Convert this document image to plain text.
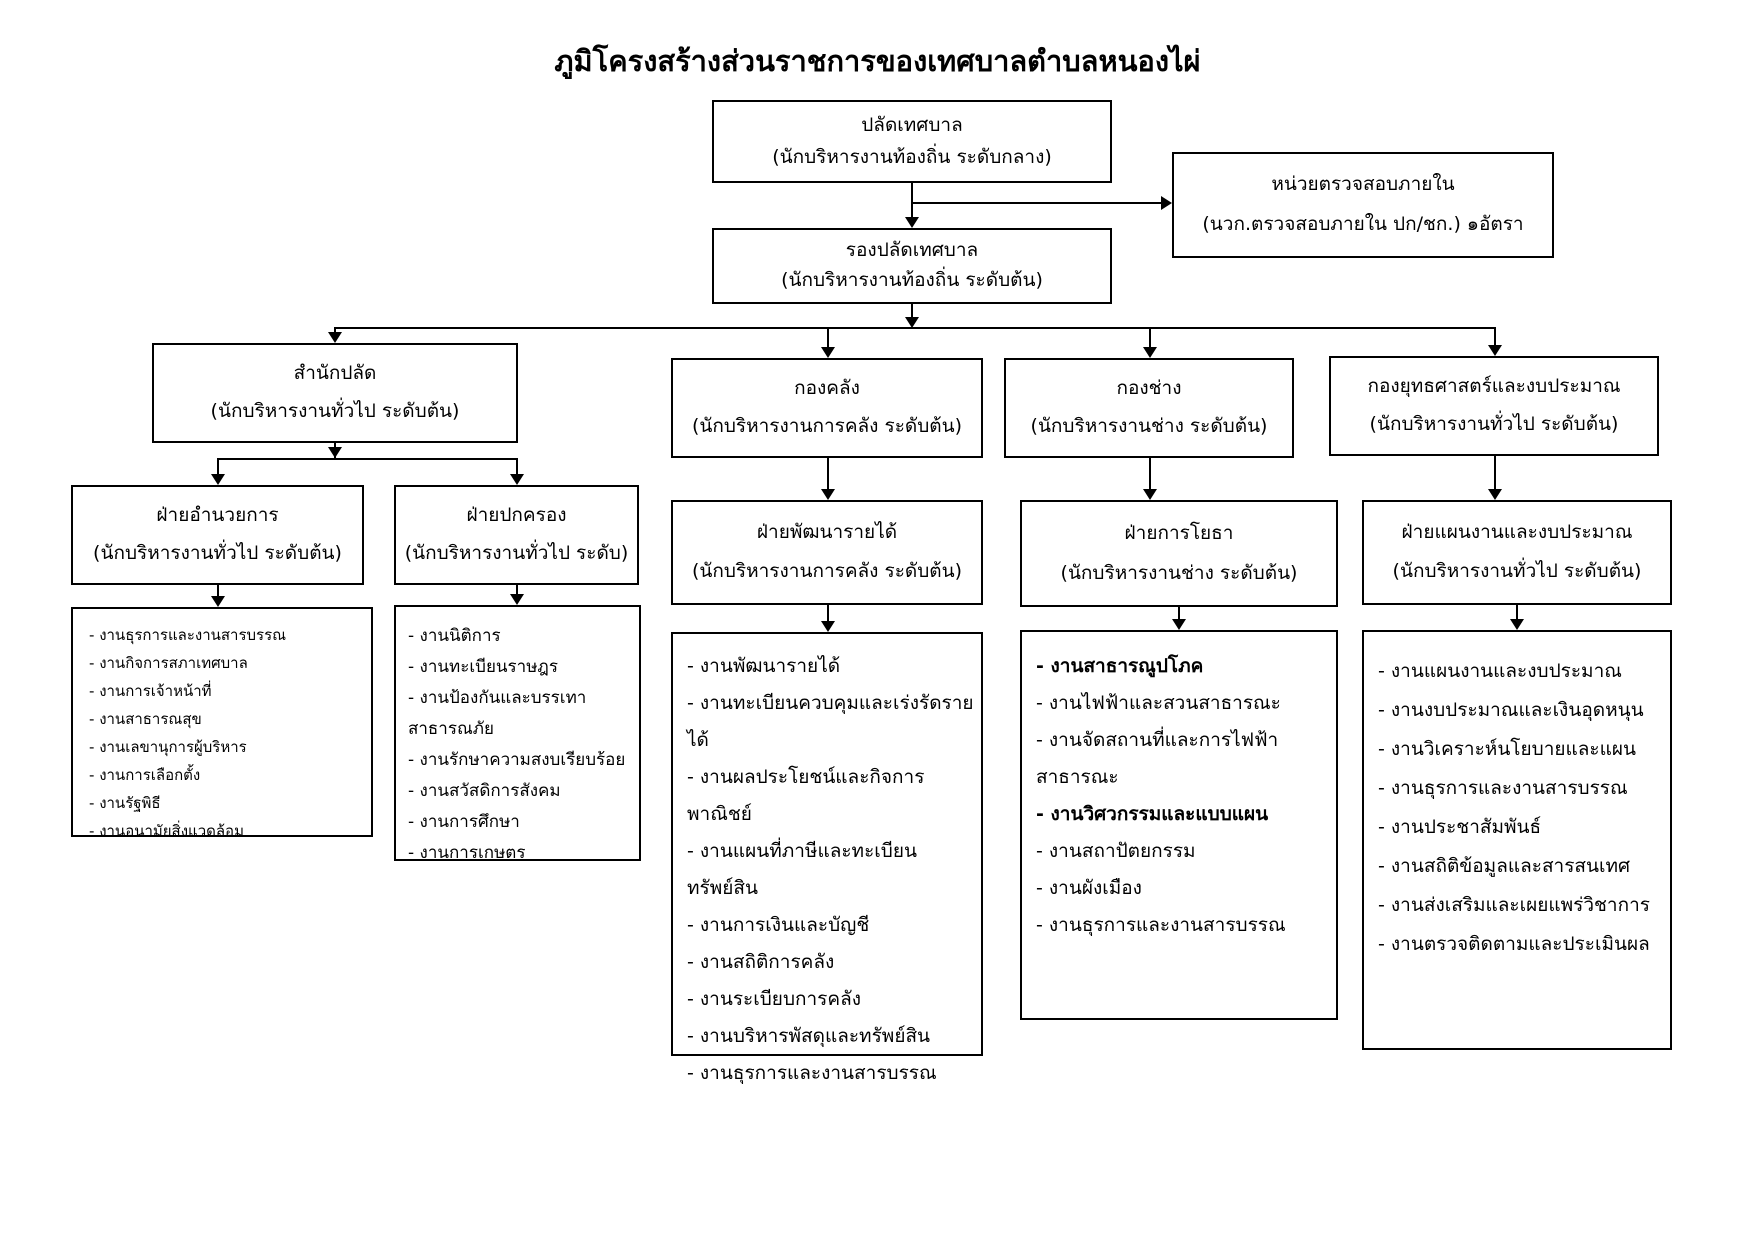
ภูมิโครงสร้างส่วนราชการของเทศบาลตำบลหนองไผ่
ปลัดเทศบาล
(นักบริหารงานท้องถิ่น ระดับกลาง)
หน่วยตรวจสอบภายใน
(นวก.ตรวจสอบภายใน ปก/ชก.) ๑อัตรา
รองปลัดเทศบาล
(นักบริหารงานท้องถิ่น ระดับต้น)
สำนักปลัด
(นักบริหารงานทั่วไป ระดับต้น)
กองคลัง
(นักบริหารงานการคลัง ระดับต้น)
กองช่าง
(นักบริหารงานช่าง ระดับต้น)
กองยุทธศาสตร์และงบประมาณ
(นักบริหารงานทั่วไป ระดับต้น)
ฝ่ายอำนวยการ
(นักบริหารงานทั่วไป ระดับต้น)
ฝ่ายปกครอง
(นักบริหารงานทั่วไป ระดับ)
ฝ่ายพัฒนารายได้
(นักบริหารงานการคลัง ระดับต้น)
ฝ่ายการโยธา
(นักบริหารงานช่าง ระดับต้น)
ฝ่ายแผนงานและงบประมาณ
(นักบริหารงานทั่วไป ระดับต้น)
- งานธุรการและงานสารบรรณ
- งานกิจการสภาเทศบาล
- งานการเจ้าหน้าที่
- งานสาธารณสุข
- งานเลขานุการผู้บริหาร
- งานการเลือกตั้ง
- งานรัฐพิธี
- งานอนามัยสิ่งแวดล้อม
- งานนิติการ
- งานทะเบียนราษฎร
- งานป้องกันและบรรเทาสาธารณภัย
- งานรักษาความสงบเรียบร้อย
- งานสวัสดิการสังคม
- งานการศึกษา
- งานการเกษตร
- งานพัฒนารายได้
- งานทะเบียนควบคุมและเร่งรัดรายได้
- งานผลประโยชน์และกิจการพาณิชย์
- งานแผนที่ภาษีและทะเบียนทรัพย์สิน
- งานการเงินและบัญชี
- งานสถิติการคลัง
- งานระเบียบการคลัง
- งานบริหารพัสดุและทรัพย์สิน
- งานธุรการและงานสารบรรณ
- งานสาธารณูปโภค
- งานไฟฟ้าและสวนสาธารณะ
- งานจัดสถานที่และการไฟฟ้าสาธารณะ
- งานวิศวกรรมและแบบแผน
- งานสถาปัตยกรรม
- งานผังเมือง
- งานธุรการและงานสารบรรณ
- งานแผนงานและงบประมาณ
- งานงบประมาณและเงินอุดหนุน
- งานวิเคราะห์นโยบายและแผน
- งานธุรการและงานสารบรรณ
- งานประชาสัมพันธ์
- งานสถิติข้อมูลและสารสนเทศ
- งานส่งเสริมและเผยแพร่วิชาการ
- งานตรวจติดตามและประเมินผล
